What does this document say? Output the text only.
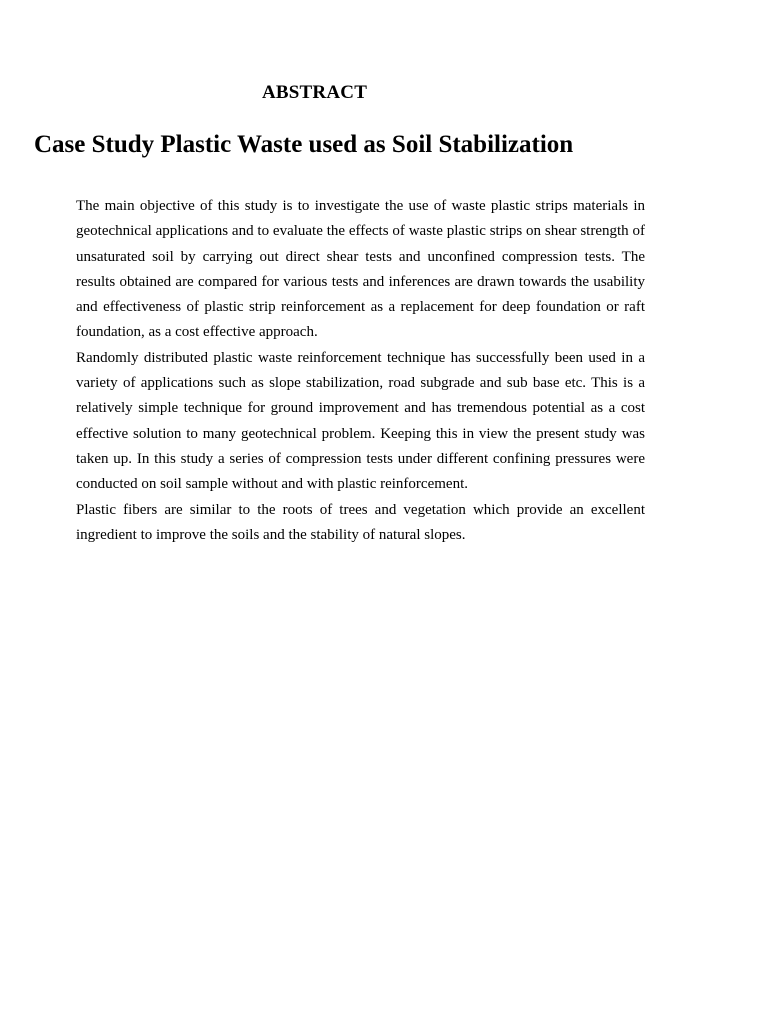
ABSTRACT
Case Study Plastic Waste used as Soil Stabilization

The main objective of this study is to investigate the use of waste plastic strips materials in geotechnical applications and to evaluate the effects of waste plastic strips on shear strength of unsaturated soil by carrying out direct shear tests and unconfined compression tests. The results obtained are compared for various tests and inferences are drawn towards the usability and effectiveness of plastic strip reinforcement as a replacement for deep foundation or raft foundation, as a cost effective approach.

Randomly distributed plastic waste reinforcement technique has successfully been used in a variety of applications such as slope stabilization, road subgrade and sub base etc. This is a relatively simple technique for ground improvement and has tremendous potential as a cost effective solution to many geotechnical problem. Keeping this in view the present study was taken up. In this study a series of compression tests under different confining pressures were conducted on soil sample without and with plastic reinforcement.

Plastic fibers are similar to the roots of trees and vegetation which provide an excellent ingredient to improve the soils and the stability of natural slopes.
